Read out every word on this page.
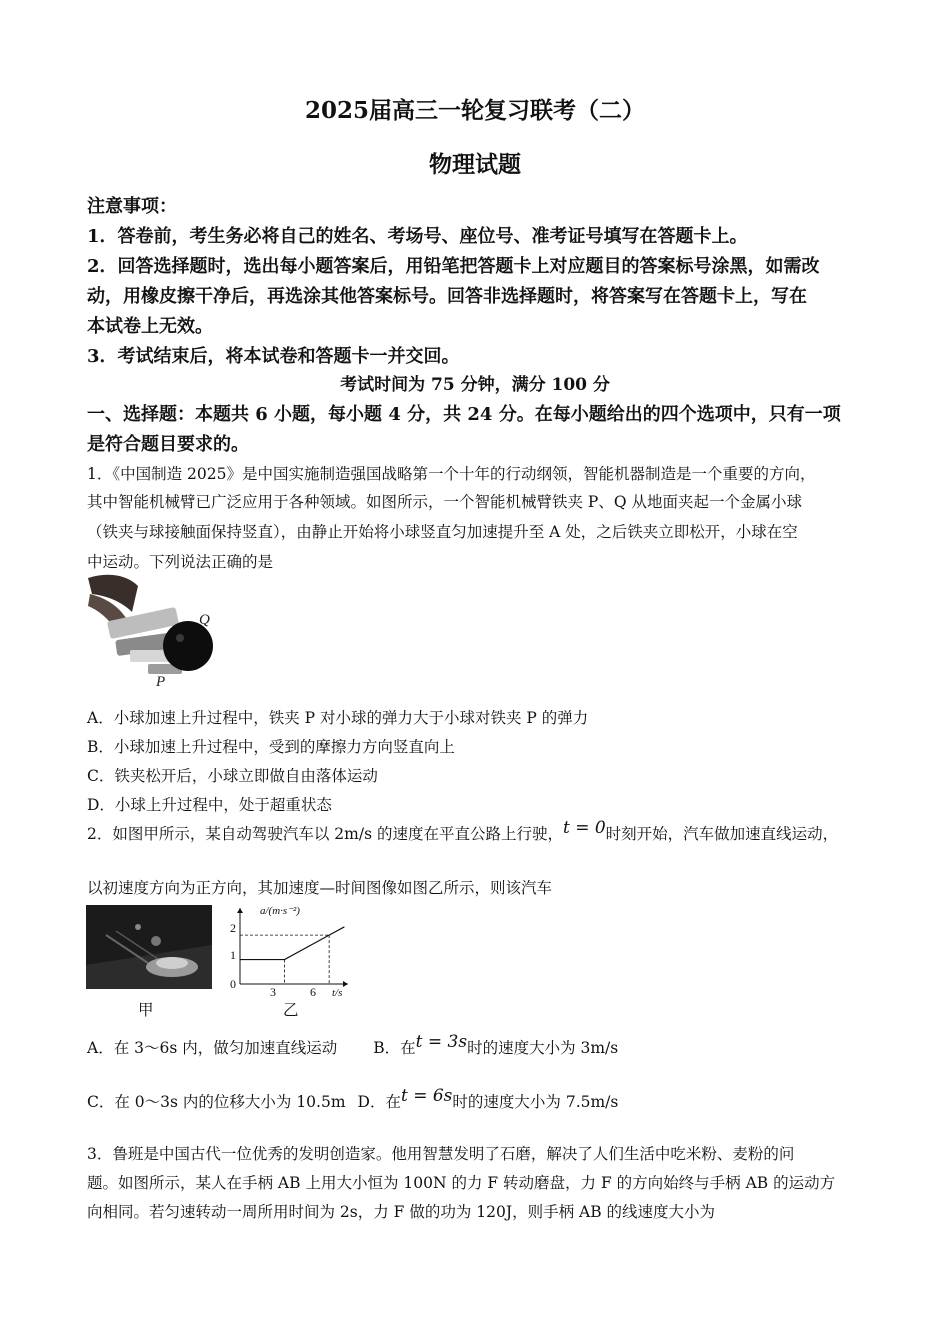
2025届高三一轮复习联考（二）
物理试题
注意事项：
1．答卷前，考生务必将自己的姓名、考场号、座位号、准考证号填写在答题卡上。
2．回答选择题时，选出每小题答案后，用铅笔把答题卡上对应题目的答案标号涂黑，如需改
动，用橡皮擦干净后，再选涂其他答案标号。回答非选择题时，将答案写在答题卡上，写在
本试卷上无效。
3．考试结束后，将本试卷和答题卡一并交回。
考试时间为 75 分钟，满分 100 分
一、选择题：本题共 6 小题，每小题 4 分，共 24 分。在每小题给出的四个选项中，只有一项
是符合题目要求的。
1．《中国制造 2025》是中国实施制造强国战略第一个十年的行动纲领，智能机器制造是一个重要的方向，
其中智能机械臂已广泛应用于各种领域。如图所示，一个智能机械臂铁夹 P、Q 从地面夹起一个金属小球
（铁夹与球接触面保持竖直），由静止开始将小球竖直匀加速提升至 A 处，之后铁夹立即松开，小球在空
中运动。下列说法正确的是
Q
P
A．小球加速上升过程中，铁夹 P 对小球的弹力大于小球对铁夹 P 的弹力
B．小球加速上升过程中，受到的摩擦力方向竖直向上
C．铁夹松开后，小球立即做自由落体运动
D．小球上升过程中，处于超重状态
2．如图甲所示，某自动驾驶汽车以 2m/s 的速度在平直公路上行驶，t = 0时刻开始，汽车做加速直线运动，
以初速度方向为正方向，其加速度—时间图像如图乙所示，则该汽车
甲
a/(m·s⁻²)
t/s
2
1
0
3	6
乙
A．在 3～6s 内，做匀加速直线运动 B．在t = 3s时的速度大小为 3m/s
C．在 0～3s 内的位移大小为 10.5m D．在t = 6s时的速度大小为 7.5m/s
3．鲁班是中国古代一位优秀的发明创造家。他用智慧发明了石磨，解决了人们生活中吃米粉、麦粉的问
题。如图所示，某人在手柄 AB 上用大小恒为 100N 的力 F 转动磨盘，力 F 的方向始终与手柄 AB 的运动方
向相同。若匀速转动一周所用时间为 2s，力 F 做的功为 120J，则手柄 AB 的线速度大小为
